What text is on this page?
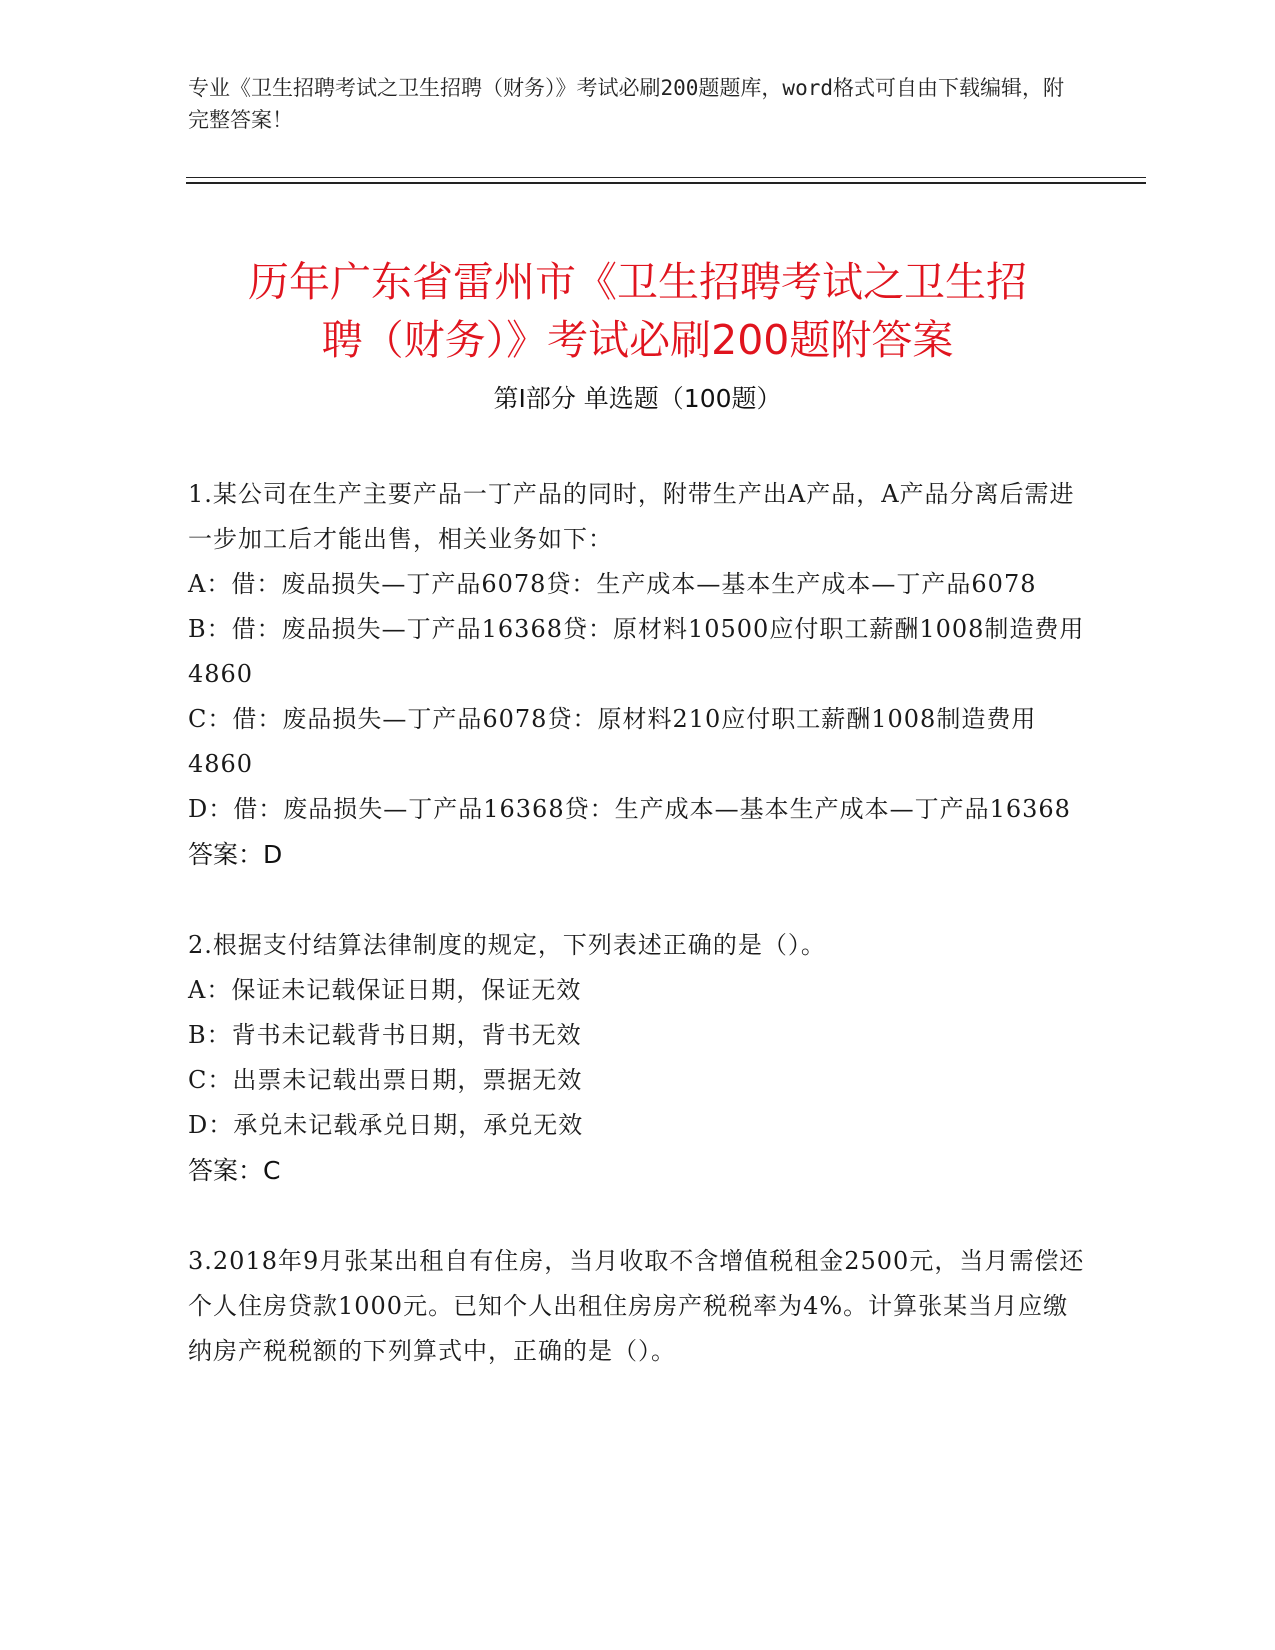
专业《卫生招聘考试之卫生招聘（财务）》考试必刷200题题库，word格式可自由下载编辑，附完整答案！
历年广东省雷州市《卫生招聘考试之卫生招
聘（财务）》考试必刷200题附答案
第Ⅰ部分 单选题（100题）
1.某公司在生产主要产品一丁产品的同时，附带生产出A产品，A产品分离后需进一步加工后才能出售，相关业务如下：
A：借：废品损失—丁产品6078贷：生产成本—基本生产成本—丁产品6078
B：借：废品损失—丁产品16368贷：原材料10500应付职工薪酬1008制造费用4860
C：借：废品损失—丁产品6078贷：原材料210应付职工薪酬1008制造费用4860
D：借：废品损失—丁产品16368贷：生产成本—基本生产成本—丁产品16368
答案：D
2.根据支付结算法律制度的规定，下列表述正确的是（）。
A：保证未记载保证日期，保证无效
B：背书未记载背书日期，背书无效
C：出票未记载出票日期，票据无效
D：承兑未记载承兑日期，承兑无效
答案：C
3.2018年9月张某出租自有住房，当月收取不含增值税租金2500元，当月需偿还个人住房贷款1000元。已知个人出租住房房产税税率为4%。计算张某当月应缴纳房产税税额的下列算式中，正确的是（）。
